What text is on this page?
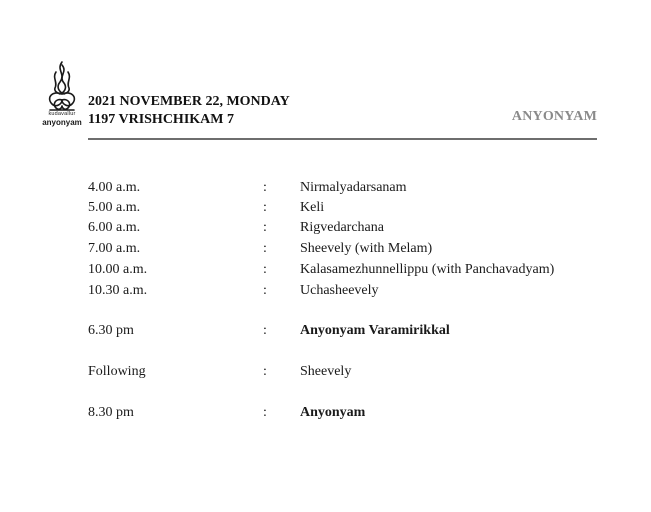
kudavallur
anyonyam
2021 NOVEMBER 22, MONDAY
1197 VRISHCHIKAM 7	ANYONYAM
4.00 a.m.	: Nirmalyadarsanam
5.00 a.m.	: Keli
6.00 a.m.	: Rigvedarchana
7.00 a.m.	: Sheevely (with Melam)
10.00 a.m.	: Kalasamezhunnellippu (with Panchavadyam)
10.30 a.m.	: Uchasheevely
6.30 pm	: Anyonyam Varamirikkal
Following	: Sheevely
8.30 pm	: Anyonyam
